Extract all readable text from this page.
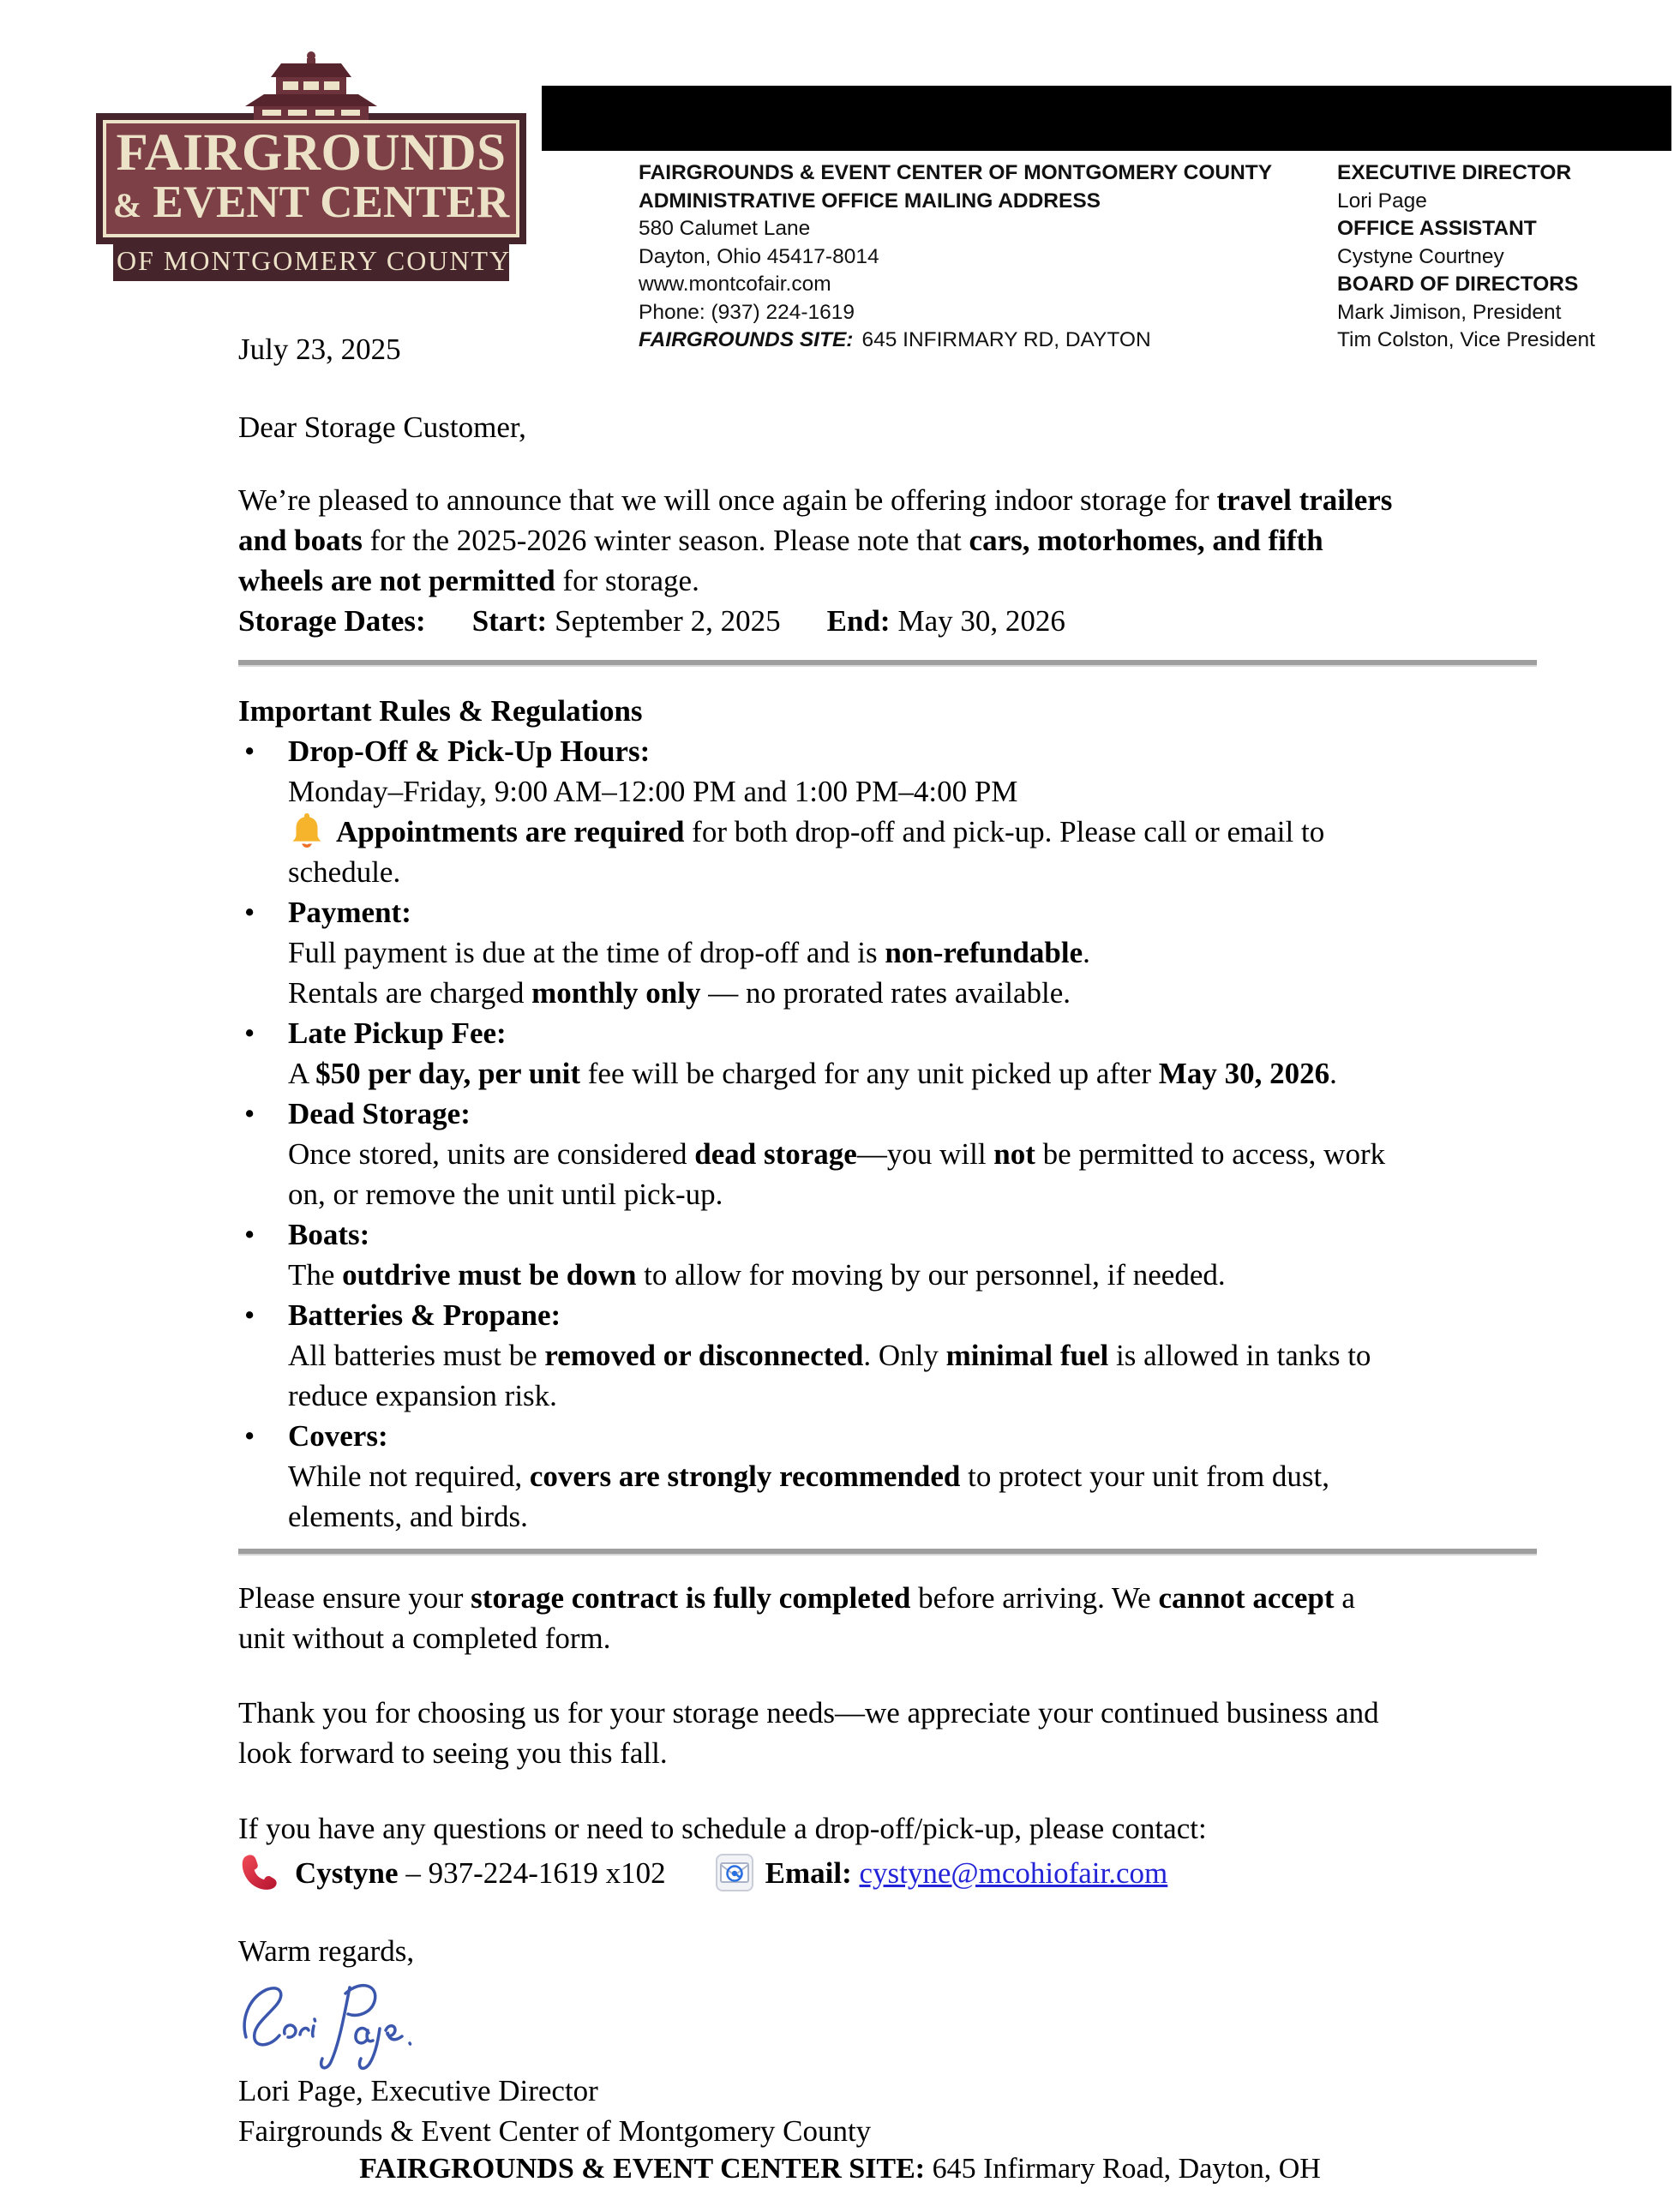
FAIRGROUNDS
& EVENT CENTER
OF MONTGOMERY COUNTY
FAIRGROUNDS & EVENT CENTER OF MONTGOMERY COUNTY
ADMINISTRATIVE OFFICE MAILING ADDRESS
580 Calumet Lane
Dayton, Ohio 45417-8014
www.montcofair.com
Phone: (937) 224-1619
FAIRGROUNDS SITE: 645 INFIRMARY RD, DAYTON
EXECUTIVE DIRECTOR
Lori Page
OFFICE ASSISTANT
Cystyne Courtney
BOARD OF DIRECTORS
Mark Jimison, President
Tim Colston, Vice President

July 23, 2025

Dear Storage Customer,

We’re pleased to announce that we will once again be offering indoor storage for travel trailers
and boats for the 2025-2026 winter season. Please note that cars, motorhomes, and fifth
wheels are not permitted for storage.

Storage Dates: Start: September 2, 2025 End: May 30, 2026

Important Rules & Regulations

• Drop-Off & Pick-Up Hours:
Monday–Friday, 9:00 AM–12:00 PM and 1:00 PM–4:00 PM
Appointments are required for both drop-off and pick-up. Please call or email to
schedule.
• Payment:
Full payment is due at the time of drop-off and is non-refundable.
Rentals are charged monthly only — no prorated rates available.
• Late Pickup Fee:
A $50 per day, per unit fee will be charged for any unit picked up after May 30, 2026.
• Dead Storage:
Once stored, units are considered dead storage—you will not be permitted to access, work
on, or remove the unit until pick-up.
• Boats:
The outdrive must be down to allow for moving by our personnel, if needed.
• Batteries & Propane:
All batteries must be removed or disconnected. Only minimal fuel is allowed in tanks to
reduce expansion risk.
• Covers:
While not required, covers are strongly recommended to protect your unit from dust,
elements, and birds.

Please ensure your storage contract is fully completed before arriving. We cannot accept a
unit without a completed form.

Thank you for choosing us for your storage needs—we appreciate your continued business and
look forward to seeing you this fall.

If you have any questions or need to schedule a drop-off/pick-up, please contact:

Cystyne – 937-224-1619 x102	Email: cystyne@mcohiofair.com

Warm regards,

Lori Page, Executive Director

Fairgrounds & Event Center of Montgomery County

FAIRGROUNDS & EVENT CENTER SITE: 645 Infirmary Road, Dayton, OH
